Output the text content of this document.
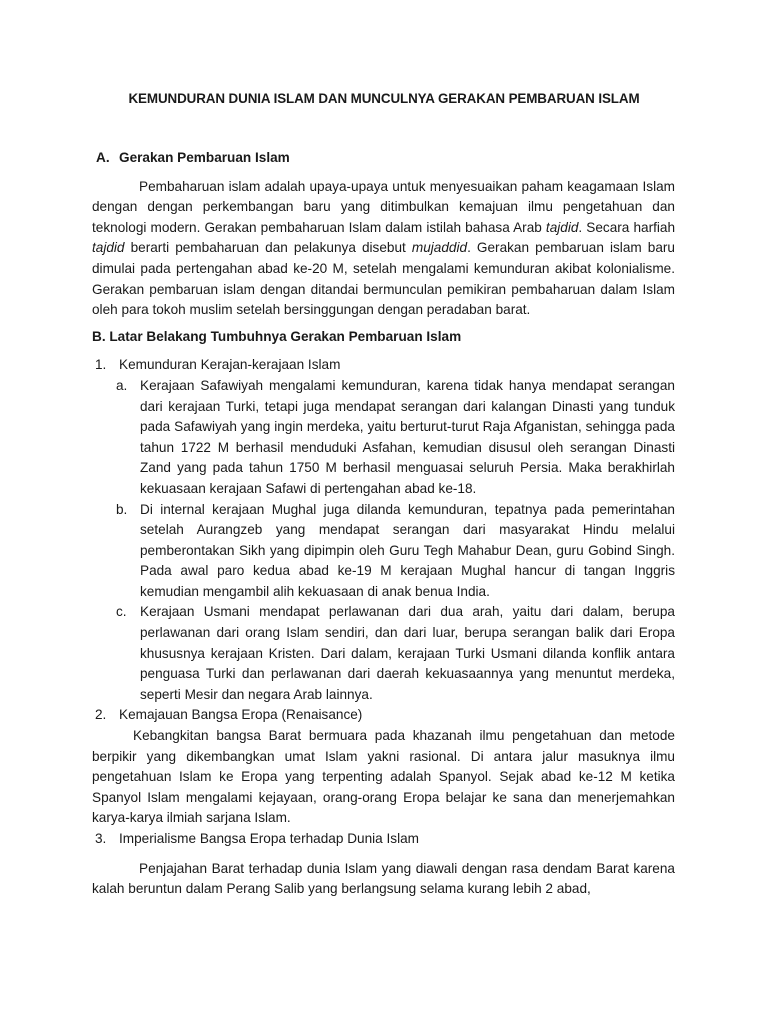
KEMUNDURAN DUNIA ISLAM DAN MUNCULNYA GERAKAN PEMBARUAN ISLAM
A. Gerakan Pembaruan Islam
Pembaharuan islam adalah upaya-upaya untuk menyesuaikan paham keagamaan Islam dengan dengan perkembangan baru yang ditimbulkan kemajuan ilmu pengetahuan dan teknologi modern. Gerakan pembaharuan Islam dalam istilah bahasa Arab tajdid. Secara harfiah tajdid berarti pembaharuan dan pelakunya disebut mujaddid. Gerakan pembaruan islam baru dimulai pada pertengahan abad ke-20 M, setelah mengalami kemunduran akibat kolonialisme. Gerakan pembaruan islam dengan ditandai bermunculan pemikiran pembaharuan dalam Islam oleh para tokoh muslim setelah bersinggungan dengan peradaban barat.
B. Latar Belakang Tumbuhnya Gerakan Pembaruan Islam
1. Kemunduran Kerajan-kerajaan Islam
a. Kerajaan Safawiyah mengalami kemunduran, karena tidak hanya mendapat serangan dari kerajaan Turki, tetapi juga mendapat serangan dari kalangan Dinasti yang tunduk pada Safawiyah yang ingin merdeka, yaitu berturut-turut Raja Afganistan, sehingga pada tahun 1722 M berhasil menduduki Asfahan, kemudian disusul oleh serangan Dinasti Zand yang pada tahun 1750 M berhasil menguasai seluruh Persia. Maka berakhirlah kekuasaan kerajaan Safawi di pertengahan abad ke-18.
b. Di internal kerajaan Mughal juga dilanda kemunduran, tepatnya pada pemerintahan setelah Aurangzeb yang mendapat serangan dari masyarakat Hindu melalui pemberontakan Sikh yang dipimpin oleh Guru Tegh Mahabur Dean, guru Gobind Singh. Pada awal paro kedua abad ke-19 M kerajaan Mughal hancur di tangan Inggris kemudian mengambil alih kekuasaan di anak benua India.
c. Kerajaan Usmani mendapat perlawanan dari dua arah, yaitu dari dalam, berupa perlawanan dari orang Islam sendiri, dan dari luar, berupa serangan balik dari Eropa khususnya kerajaan Kristen. Dari dalam, kerajaan Turki Usmani dilanda konflik antara penguasa Turki dan perlawanan dari daerah kekuasaannya yang menuntut merdeka, seperti Mesir dan negara Arab lainnya.
2. Kemajauan Bangsa Eropa (Renaisance)
Kebangkitan bangsa Barat bermuara pada khazanah ilmu pengetahuan dan metode berpikir yang dikembangkan umat Islam yakni rasional. Di antara jalur masuknya ilmu pengetahuan Islam ke Eropa yang terpenting adalah Spanyol. Sejak abad ke-12 M ketika Spanyol Islam mengalami kejayaan, orang-orang Eropa belajar ke sana dan menerjemahkan karya-karya ilmiah sarjana Islam.
3. Imperialisme Bangsa Eropa terhadap Dunia Islam
Penjajahan Barat terhadap dunia Islam yang diawali dengan rasa dendam Barat karena kalah beruntun dalam Perang Salib yang berlangsung selama kurang lebih 2 abad,
